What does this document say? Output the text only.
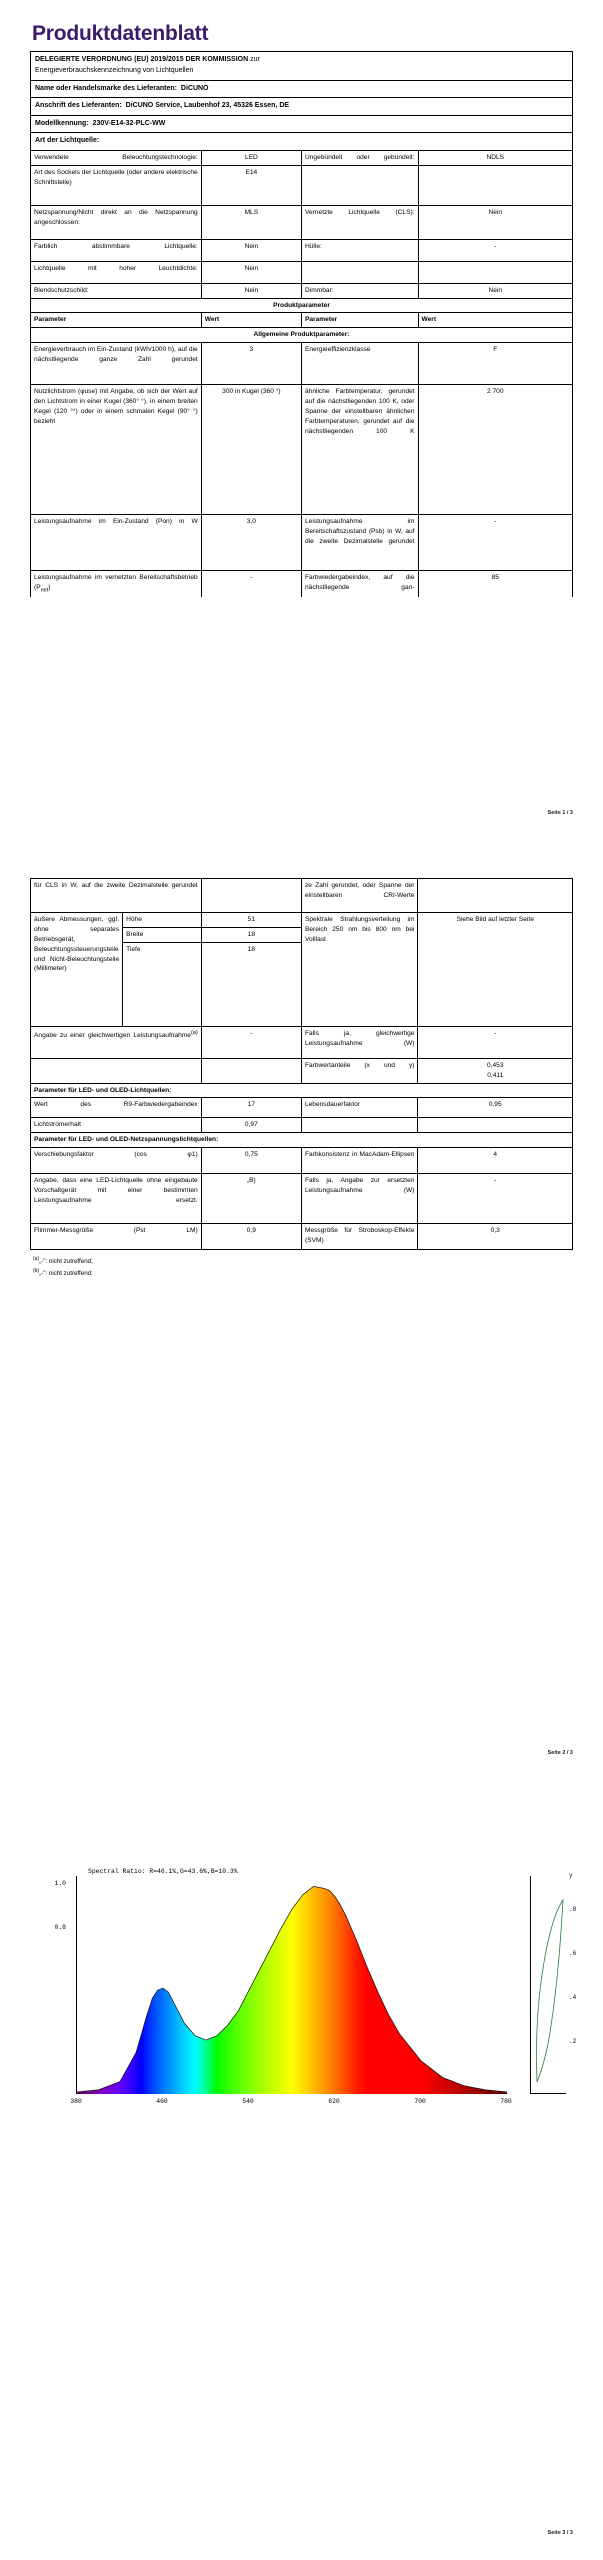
Produktdatenblatt
DELEGIERTE VERORDNUNG (EU) 2019/2015 DER KOMMISSION zur
Energieverbrauchskennzeichnung von Lichtquellen
Name oder Handelsmarke des Lieferanten: DiCUNO
Anschrift des Lieferanten: DiCUNO Service, Laubenhof 23, 45326 Essen, DE
Modellkennung: 230V-E14-32-PLC-WW
Art der Lichtquelle:
Verwendete Beleuchtungstechnologie:	LED	Ungebündelt oder gebündelt:	NDLS
Art des Sockels der Lichtquelle (oder andere elektrische Schnittstelle)	E14		
Netzspannung/Nicht direkt an die Netzspannung angeschlossen:	MLS	Vernetzte Lichtquelle (CLS):	Nein
Farblich abstimmbare Lichtquelle:	Nein	Hülle:	-
Lichtquelle mit hoher Leuchtdichte:	Nein		
Blendschutzschild:	Nein	Dimmbar:	Nein
Produktparameter			
Parameter	Wert	Parameter	Wert
Allgemeine Produktparameter:			
Energieverbrauch im Ein-Zustand (kWh/1000 h), auf die nächstliegende ganze Zahl gerundet	3	Energieeffizienzklasse	F
Nutzlichtstrom (φuse) mit Angabe, ob sich der Wert auf den Lichtstrom in einer Kugel (360° °), in einem breiten Kegel (120 °°) oder in einem schmalen Kegel (90° °) bezieht	300 in Kugel (360 °)	ähnliche Farbtemperatur, gerundet auf die nächstliegenden 100 K, oder Spanne der einstellbaren ähnlichen Farbtemperaturen, gerundet auf die nächstliegenden 100 K	2 700
Leistungsaufnahme im Ein-Zustand (Pon) in W	3,0	Leistungsaufnahme im Bereitschaftszustand (Psb) in W, auf die zweite Dezimalstelle gerundet	-
Leistungsaufnahme im vernetzten Bereitschaftsbetrieb $(P_{net})$	-	Farbwiedergabeindex, auf die nächstliegende gan-	85
Seite 1 / 3
für CLS in W, auf die zweite Dezimalstelle gerundet			ze Zahl gerundet, oder Spanne der einstellbaren CRI-Werte	
äußere Abmessungen, ggf. ohne separates Betriebsgerät, Beleuchtungssteuerungsteile und Nicht-Beleuchtungsteile (Millimeter)	Höhe	51	Spektrale Strahlungsverteilung im Bereich 250 nm bis 800 nm bei Volllast	Siehe Bild auf letzter Seite
	Breite	18		
	Tiefe	18		
Angabe zu einer gleichwertigen Leistungsaufnahme$^{(a)}$		-	Falls ja, gleichwertige Leistungsaufnahme (W)	-
			Farbwertanteile (x und y)	0,453
0,411
Parameter für LED- und OLED-Lichtquellen:				
Wert des R9-Farbwiedergabeindex		17	Lebensdauerfaktor	0,95
Lichtstromerhalt		0,97		
Parameter für LED- und OLED-Netzspannungslichtquellen:				
Verschiebungsfaktor (cos φ1)		0,75	Farbkonsistenz in MacAdam-Ellipsen	4
Angabe, dass eine LED-Lichtquelle ohne eingebaute Vorschaltgerät mit einer bestimmten Leistungsaufnahme ersetzt.		„B)	Falls ja, Angabe zur ersetzten Leistungsaufnahme (W)	-
Flimmer-Messgröße (Pst LM)		0,9	Messgröße für Stroboskop-Effekte (SVM)	0,3
$^{(a)}$„-": nicht zutreffend;
$^{(b)}$„-": nicht zutreffend;
Seite 2 / 3
Spectral Ratio: R=46.1%,G=43.6%,B=10.3%
1.0
0.8
380	460	540	620	700	780
y
.8
.6
.4
.2
Seite 3 / 3
